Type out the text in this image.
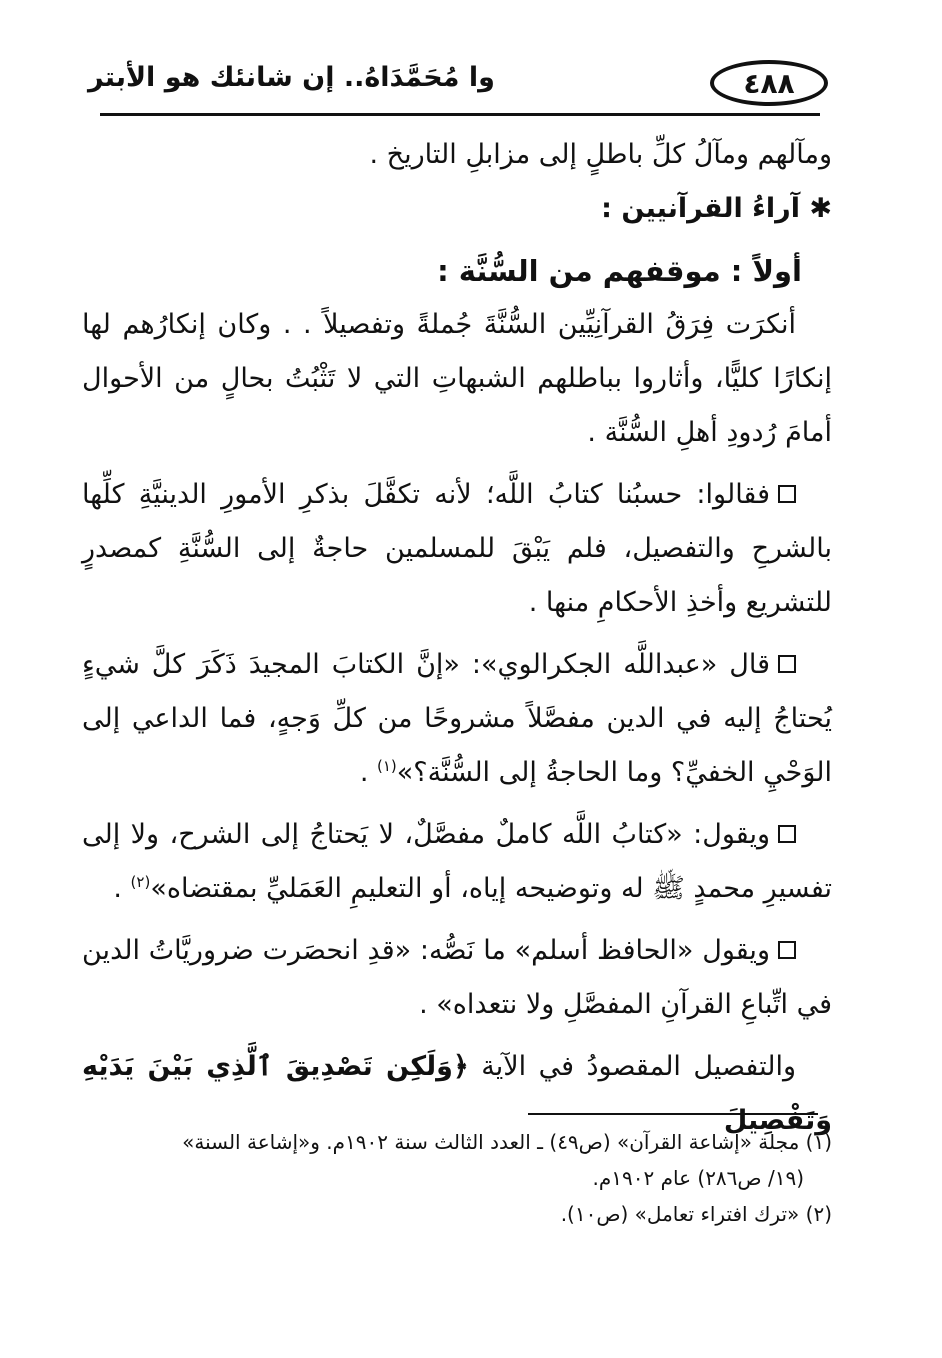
٤٨٨
وا مُحَمَّدَاهُ.. إن شانئك هو الأبتر

ومآلهم ومآلُ كلِّ باطلٍ إلى مزابلِ التاريخ .

✱ آراءُ القرآنيين :

أولاً : موقفهم من السُّنَّة :

أنكرَت فِرَقُ القرآنِيِّين السُّنَّةَ جُملةً وتفصيلاً . . وكان إنكارُهم لها إنكارًا كليًّا، وأثاروا بباطلهم الشبهاتِ التي لا تَثْبُتُ بحالٍ من الأحوال أمامَ رُدودِ أهلِ السُّنَّة .

فقالوا: حسبُنا كتابُ اللَّه؛ لأنه تكفَّلَ بذكرِ الأمورِ الدينيَّةِ كلِّها بالشرحِ والتفصيل، فلم يَبْقَ للمسلمين حاجةٌ إلى السُّنَّةِ كمصدرٍ للتشريع وأخذِ الأحكامِ منها .

قال «عبداللَّه الجكرالوي»: «إنَّ الكتابَ المجيدَ ذَكَرَ كلَّ شيءٍ يُحتاجُ إليه في الدين مفصَّلاً مشروحًا من كلِّ وَجهٍ، فما الداعي إلى الوَحْيِ الخفيِّ؟ وما الحاجةُ إلى السُّنَّة؟»$^{(١)}$ .

ويقول: «كتابُ اللَّه كاملٌ مفصَّلٌ، لا يَحتاجُ إلى الشرح، ولا إلى تفسيرِ محمدٍ ﷺ له وتوضيحه إياه، أو التعليمِ العَمَليِّ بمقتضاه»$^{(٢)}$ .

ويقول «الحافظ أسلم» ما نَصُّه: «قدِ انحصَرت ضروريَّاتُ الدين في اتِّباعِ القرآنِ المفصَّلِ ولا نتعداه» .

والتفصيل المقصودُ في الآية ﴿وَلَكِن تَصْدِيقَ ٱلَّذِي بَيْنَ يَدَيْهِ وَتَفْصِيلَ

(١) مجلة «إشاعة القرآن» (ص٤٩) ـ العدد الثالث سنة ١٩٠٢م. و«إشاعة السنة»

(١٩/ ص٢٨٦) عام ١٩٠٢م.

(٢) «ترك افتراء تعامل» (ص١٠).
